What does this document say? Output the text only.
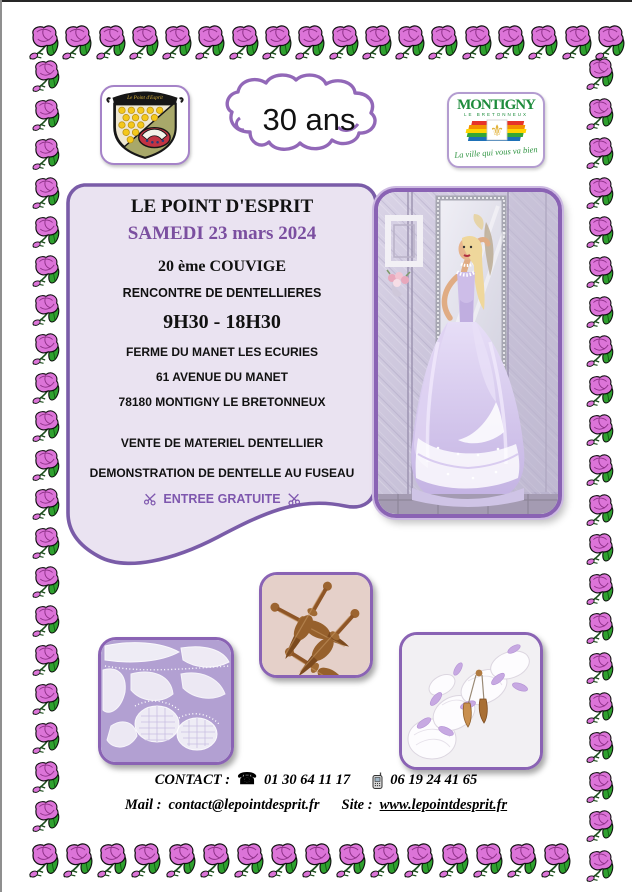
Le Point d'Esprit
30 ans	MONTIGNY
LE BRETONNEUX
⚜
La ville qui vous va bien
LE POINT D'ESPRIT
SAMEDI 23 mars 2024
20 ème COUVIGE
RENCONTRE DE DENTELLIERES
9H30 - 18H30
FERME DU MANET LES ECURIES
61 AVENUE DU MANET
78180 MONTIGNY LE BRETONNEUX
VENTE DE MATERIEL DENTELLIER
DEMONSTRATION DE DENTELLE AU FUSEAU
ENTREE GRATUITE
CONTACT : ☎ 01 30 64 11 17	06 19 24 41 65
Mail : contact@lepointdesprit.fr Site : www.lepointdesprit.fr
